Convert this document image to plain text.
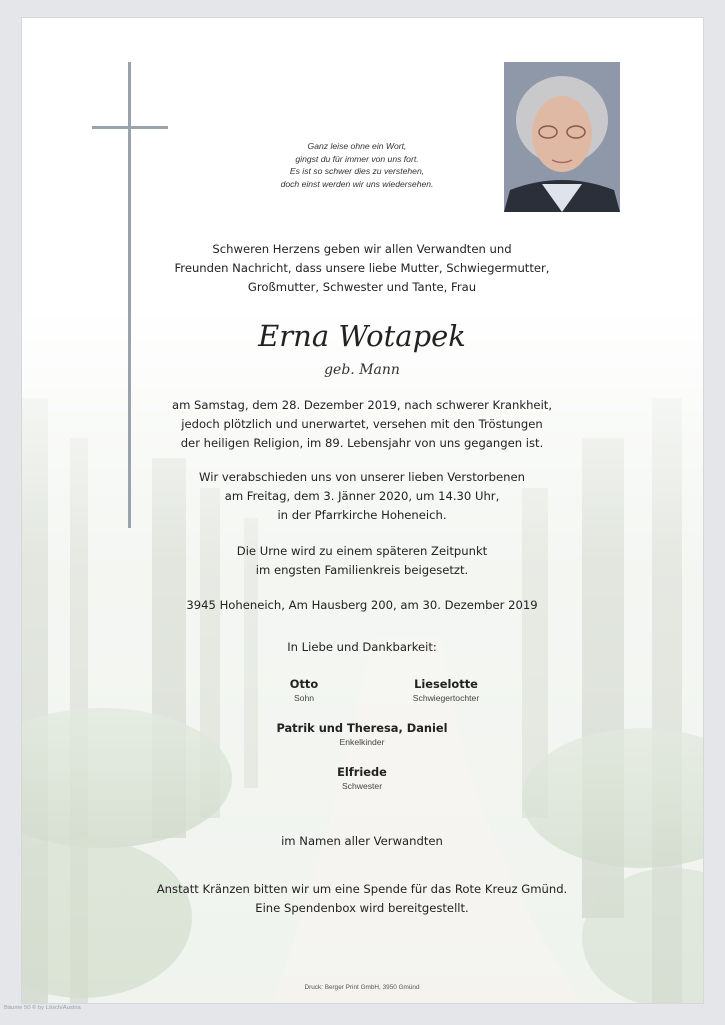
Ganz leise ohne ein Wort,
gingst du für immer von uns fort.
Es ist so schwer dies zu verstehen,
doch einst werden wir uns wiedersehen.
Schweren Herzens geben wir allen Verwandten und
Freunden Nachricht, dass unsere liebe Mutter, Schwiegermutter,
Großmutter, Schwester und Tante, Frau
Erna Wotapek
geb. Mann
am Samstag, dem 28. Dezember 2019, nach schwerer Krankheit,
jedoch plötzlich und unerwartet, versehen mit den Tröstungen
der heiligen Religion, im 89. Lebensjahr von uns gegangen ist.
Wir verabschieden uns von unserer lieben Verstorbenen
am Freitag, dem 3. Jänner 2020, um 14.30 Uhr,
in der Pfarrkirche Hoheneich.
Die Urne wird zu einem späteren Zeitpunkt
im engsten Familienkreis beigesetzt.
3945 Hoheneich, Am Hausberg 200, am 30. Dezember 2019
In Liebe und Dankbarkeit:
Otto
Sohn
Lieselotte
Schwiegertochter
Patrik und Theresa, Daniel
Enkelkinder
Elfriede
Schwester
im Namen aller Verwandten
Anstatt Kränzen bitten wir um eine Spende für das Rote Kreuz Gmünd.
Eine Spendenbox wird bereitgestellt.
Druck: Berger Print GmbH, 3950 Gmünd
Bäume 50 © by Lösch/Austria
